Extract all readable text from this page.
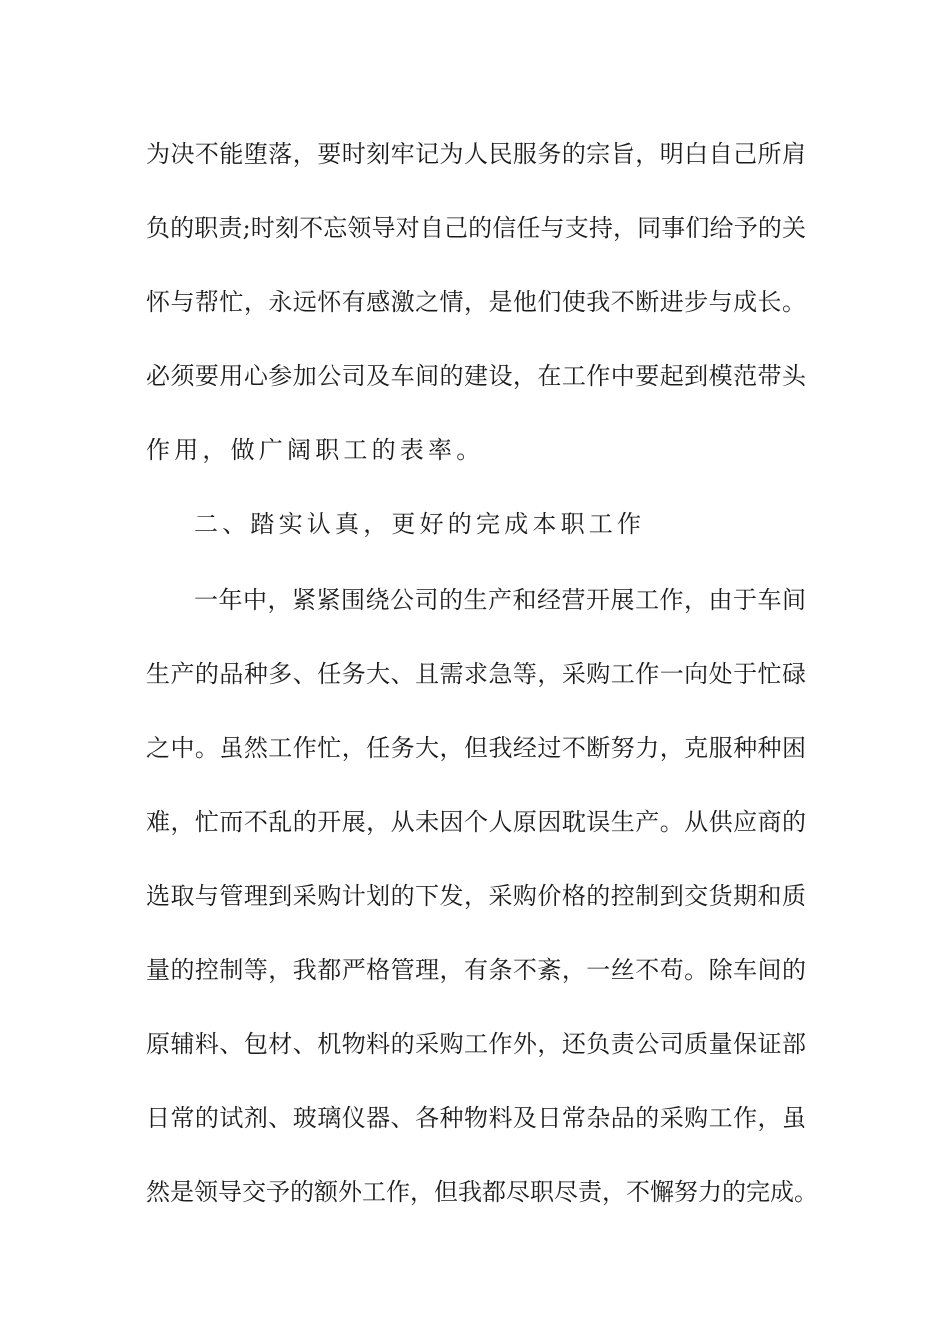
为决不能堕落，要时刻牢记为人民服务的宗旨，明白自己所肩
负的职责;时刻不忘领导对自己的信任与支持，同事们给予的关
怀与帮忙，永远怀有感激之情，是他们使我不断进步与成长。
必须要用心参加公司及车间的建设，在工作中要起到模范带头
作用，做广阔职工的表率。
二、踏实认真，更好的完成本职工作
一年中，紧紧围绕公司的生产和经营开展工作，由于车间
生产的品种多、任务大、且需求急等，采购工作一向处于忙碌
之中。虽然工作忙，任务大，但我经过不断努力，克服种种困
难，忙而不乱的开展，从未因个人原因耽误生产。从供应商的
选取与管理到采购计划的下发，采购价格的控制到交货期和质
量的控制等，我都严格管理，有条不紊，一丝不苟。除车间的
原辅料、包材、机物料的采购工作外，还负责公司质量保证部
日常的试剂、玻璃仪器、各种物料及日常杂品的采购工作，虽
然是领导交予的额外工作，但我都尽职尽责，不懈努力的完成。
